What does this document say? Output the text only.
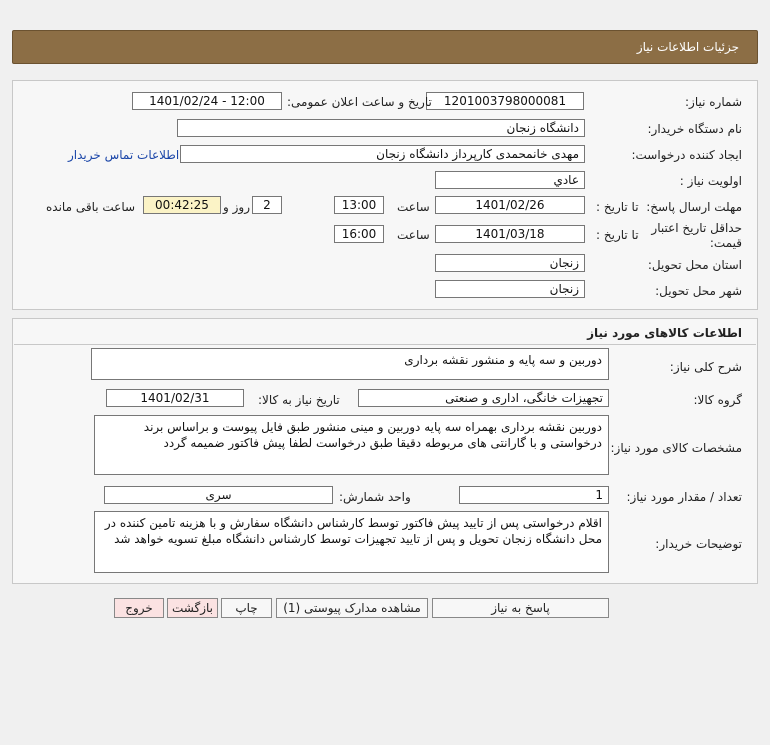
جزئیات اطلاعات نیاز
شماره نیاز:
1201003798000081
تاریخ و ساعت اعلان عمومی:
1401/02/24 - 12:00
نام دستگاه خريدار:
دانشگاه زنجان
ایجاد کننده درخواست:
مهدی خانمحمدی کارپرداز دانشگاه زنجان
اطلاعات تماس خریدار
اولويت نياز :
عادي
مهلت ارسال پاسخ:
تا تاریخ :
1401/02/26
ساعت
13:00
2
روز و
00:42:25
ساعت باقی مانده
حداقل تاریخ اعتبار
قیمت:
تا تاریخ :
1401/03/18
ساعت
16:00
استان محل تحویل:
زنجان
شهر محل تحویل:
زنجان
اطلاعات کالاهای مورد نیاز
شرح کلی نیاز:
دوربین و سه پایه و منشور نقشه برداری
گروه کالا:
تجهیزات خانگی، اداری و صنعتی
تاریخ نیاز به کالا:
1401/02/31
مشخصات کالای مورد نیاز:
دوربین نقشه برداری بهمراه سه پایه دوربین و مینی منشور طبق فایل پیوست و براساس برند درخواستی و با گارانتی های مربوطه دقیقا طبق درخواست لطفا پیش فاکتور ضمیمه گردد
تعداد / مقدار مورد نیاز:
1
واحد شمارش:
سری
توضیحات خریدار:
اقلام درخواستی پس از تایید پیش فاکتور توسط کارشناس دانشگاه سفارش و با هزینه تامین کننده در محل دانشگاه زنجان تحویل و پس از تایید تجهیزات توسط کارشناس دانشگاه مبلغ تسویه خواهد شد
پاسخ به نیاز
مشاهده مدارک پیوستی (1)
چاپ
بازگشت
خروج
